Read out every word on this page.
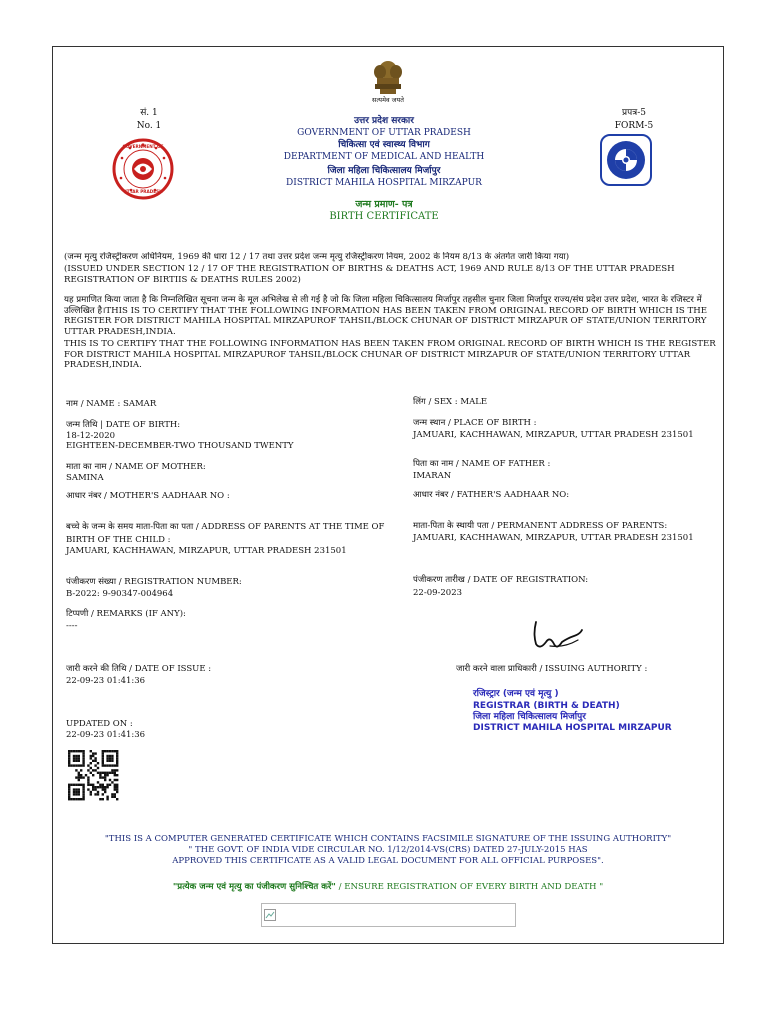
सत्यमेव जयते
सं. 1
No. 1
प्रपत्र-5
FORM-5
GOVERNMENT OF
UTTAR PRADESH
उत्तर प्रदेश सरकार
GOVERNMENT OF UTTAR PRADESH
चिकित्सा एवं स्वास्थ्य विभाग
DEPARTMENT OF MEDICAL AND HEALTH
जिला महिला चिकित्सालय मिर्जापुर
DISTRICT MAHILA HOSPITAL MIRZAPUR
जन्म प्रमाण- पत्र
BIRTH CERTIFICATE
(जन्म मृत्यु रजिस्ट्रीकरण अधिनियम, 1969 की धारा 12 / 17 तथा उत्तर प्रदेश जन्म मृत्यु रजिस्ट्रीकरण नियम, 2002 के नियम 8/13 के अंतर्गत जारी किया गया)
(ISSUED UNDER SECTION 12 / 17 OF THE REGISTRATION OF BIRTHS & DEATHS ACT, 1969 AND RULE 8/13 OF THE UTTAR PRADESH REGISTRATION OF BIRTIIS & DEATHS RULES 2002)
यह प्रमाणित किया जाता है कि निम्नलिखित सूचना जन्म के मूल अभिलेख से ली गई है जो कि जिला महिला चिकित्सालय मिर्जापुर तहसील चुनार जिला मिर्जापुर राज्य/संघ प्रदेश उत्तर प्रदेश, भारत के रजिस्टर में उल्लिखित है।THIS IS TO CERTIFY THAT THE FOLLOWING INFORMATION HAS BEEN TAKEN FROM ORIGINAL RECORD OF BIRTH WHICH IS THE REGISTER FOR DISTRICT MAHILA HOSPITAL MIRZAPUROF TAHSIL/BLOCK CHUNAR OF DISTRICT MIRZAPUR OF STATE/UNION TERRITORY UTTAR PRADESH,INDIA.
THIS IS TO CERTIFY THAT THE FOLLOWING INFORMATION HAS BEEN TAKEN FROM ORIGINAL RECORD OF BIRTH WHICH IS THE REGISTER FOR DISTRICT MAHILA HOSPITAL MIRZAPUROF TAHSIL/BLOCK CHUNAR OF DISTRICT MIRZAPUR OF STATE/UNION TERRITORY UTTAR PRADESH,INDIA.
नाम / NAME : SAMAR
जन्म तिथि | DATE OF BIRTH:
18-12-2020
EIGHTEEN-DECEMBER-TWO THOUSAND TWENTY
माता का नाम / NAME OF MOTHER:
SAMINA
आधार नंबर / MOTHER'S AADHAAR NO :
बच्चे के जन्म के समय माता-पिता का पता / ADDRESS OF PARENTS AT THE TIME OF
BIRTH OF THE CHILD :
JAMUARI, KACHHAWAN, MIRZAPUR, UTTAR PRADESH 231501
पंजीकरण संख्या / REGISTRATION NUMBER:
B-2022: 9-90347-004964
टिप्पणी / REMARKS (IF ANY):
----
जारी करने की तिथि / DATE OF ISSUE :
22-09-23 01:41:36
UPDATED ON :
22-09-23 01:41:36
लिंग / SEX : MALE
जन्म स्थान / PLACE OF BIRTH :
JAMUARI, KACHHAWAN, MIRZAPUR, UTTAR PRADESH 231501
पिता का नाम / NAME OF FATHER :
IMARAN
आधार नंबर / FATHER'S AADHAAR NO:
माता-पिता के स्थायी पता / PERMANENT ADDRESS OF PARENTS:
JAMUARI, KACHHAWAN, MIRZAPUR, UTTAR PRADESH 231501
पंजीकरण तारीख / DATE OF REGISTRATION:
22-09-2023
जारी करने वाला प्राधिकारी / ISSUING AUTHORITY :
रजिस्ट्रार (जन्म एवं मृत्यु )
REGISTRAR (BIRTH & DEATH)
जिला महिला चिकित्सालय मिर्जापुर
DISTRICT MAHILA HOSPITAL MIRZAPUR
"THIS IS A COMPUTER GENERATED CERTIFICATE WHICH CONTAINS FACSIMILE SIGNATURE OF THE ISSUING AUTHORITY"
" THE GOVT. OF INDIA VIDE CIRCULAR NO. 1/12/2014-VS(CRS) DATED 27-JULY-2015 HAS
APPROVED THIS CERTIFICATE AS A VALID LEGAL DOCUMENT FOR ALL OFFICIAL PURPOSES".
"प्रत्येक जन्म एवं मृत्यु का पंजीकरण सुनिश्चित करें" / ENSURE REGISTRATION OF EVERY BIRTH AND DEATH "
